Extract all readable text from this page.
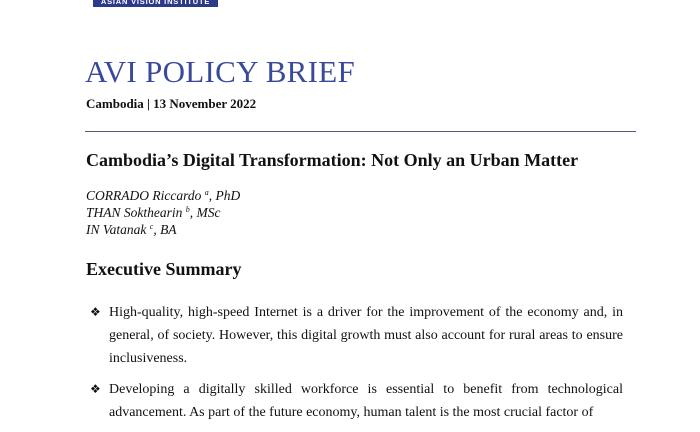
ASIAN VISION INSTITUTE
AVI POLICY BRIEF
Cambodia | 13 November 2022
Cambodia’s Digital Transformation: Not Only an Urban Matter
CORRADO Riccardo $^a$, PhD
THAN Sokthearin $^b$, MSc
IN Vatanak $^c$, BA
Executive Summary
❖ High-quality, high-speed Internet is a driver for the improvement of the economy and, in general, of society. However, this digital growth must also account for rural areas to ensure inclusiveness.
❖ Developing a digitally skilled workforce is essential to benefit from technological advancement. As part of the future economy, human talent is the most crucial factor of
